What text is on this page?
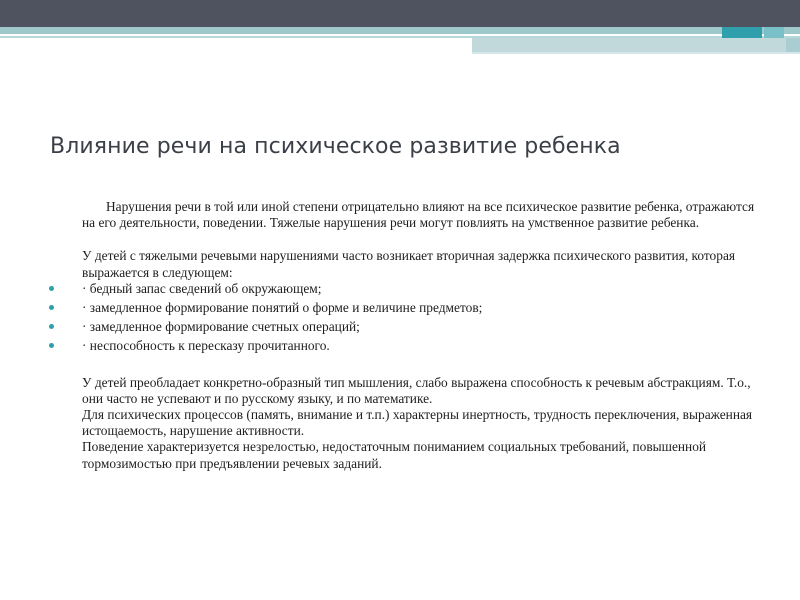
Влияние речи на психическое развитие ребенка

Нарушения речи в той или иной степени отрицательно влияют на все психическое развитие ребенка, отражаются на его деятельности, поведении. Тяжелые нарушения речи могут повлиять на умственное развитие ребенка.

У детей с тяжелыми речевыми нарушениями часто возникает вторичная задержка психического развития, которая выражается в следующем:

· бедный запас сведений об окружающем;
· замедленное формирование понятий о форме и величине предметов;
· замедленное формирование счетных операций;
· неспособность к пересказу прочитанного.

У детей преобладает конкретно-образный тип мышления, слабо выражена способность к речевым абстракциям. Т.о., они часто не успевают и по русскому языку, и по математике.

Для психических процессов (память, внимание и т.п.) характерны инертность, трудность переключения, выраженная истощаемость, нарушение активности.

Поведение характеризуется незрелостью, недостаточным пониманием социальных требований, повышенной тормозимостью при предъявлении речевых заданий.
